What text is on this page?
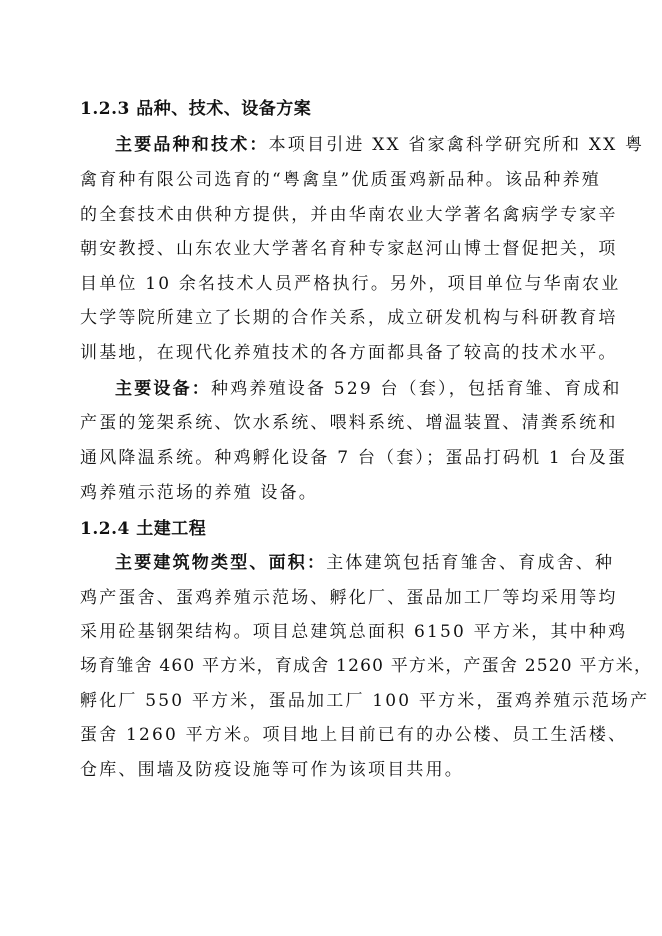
1.2.3 品种、技术、设备方案
主要品种和技术：本项目引进 XX 省家禽科学研究所和 XX 粤
禽育种有限公司选育的“粤禽皇”优质蛋鸡新品种。该品种养殖
的全套技术由供种方提供，并由华南农业大学著名禽病学专家辛
朝安教授、山东农业大学著名育种专家赵河山博士督促把关，项
目单位 10 余名技术人员严格执行。另外，项目单位与华南农业
大学等院所建立了长期的合作关系，成立研发机构与科研教育培
训基地，在现代化养殖技术的各方面都具备了较高的技术水平。
主要设备：种鸡养殖设备 529 台（套），包括育雏、育成和
产蛋的笼架系统、饮水系统、喂料系统、增温装置、清粪系统和
通风降温系统。种鸡孵化设备 7 台（套）；蛋品打码机 1 台及蛋
鸡养殖示范场的养殖 设备。
1.2.4 土建工程
主要建筑物类型、面积：主体建筑包括育雏舍、育成舍、种
鸡产蛋舍、蛋鸡养殖示范场、孵化厂、蛋品加工厂等均采用等均
采用砼基钢架结构。项目总建筑总面积 6150 平方米，其中种鸡
场育雏舍 460 平方米，育成舍 1260 平方米，产蛋舍 2520 平方米，
孵化厂 550 平方米，蛋品加工厂 100 平方米，蛋鸡养殖示范场产
蛋舍 1260 平方米。项目地上目前已有的办公楼、员工生活楼、
仓库、围墙及防疫设施等可作为该项目共用。
